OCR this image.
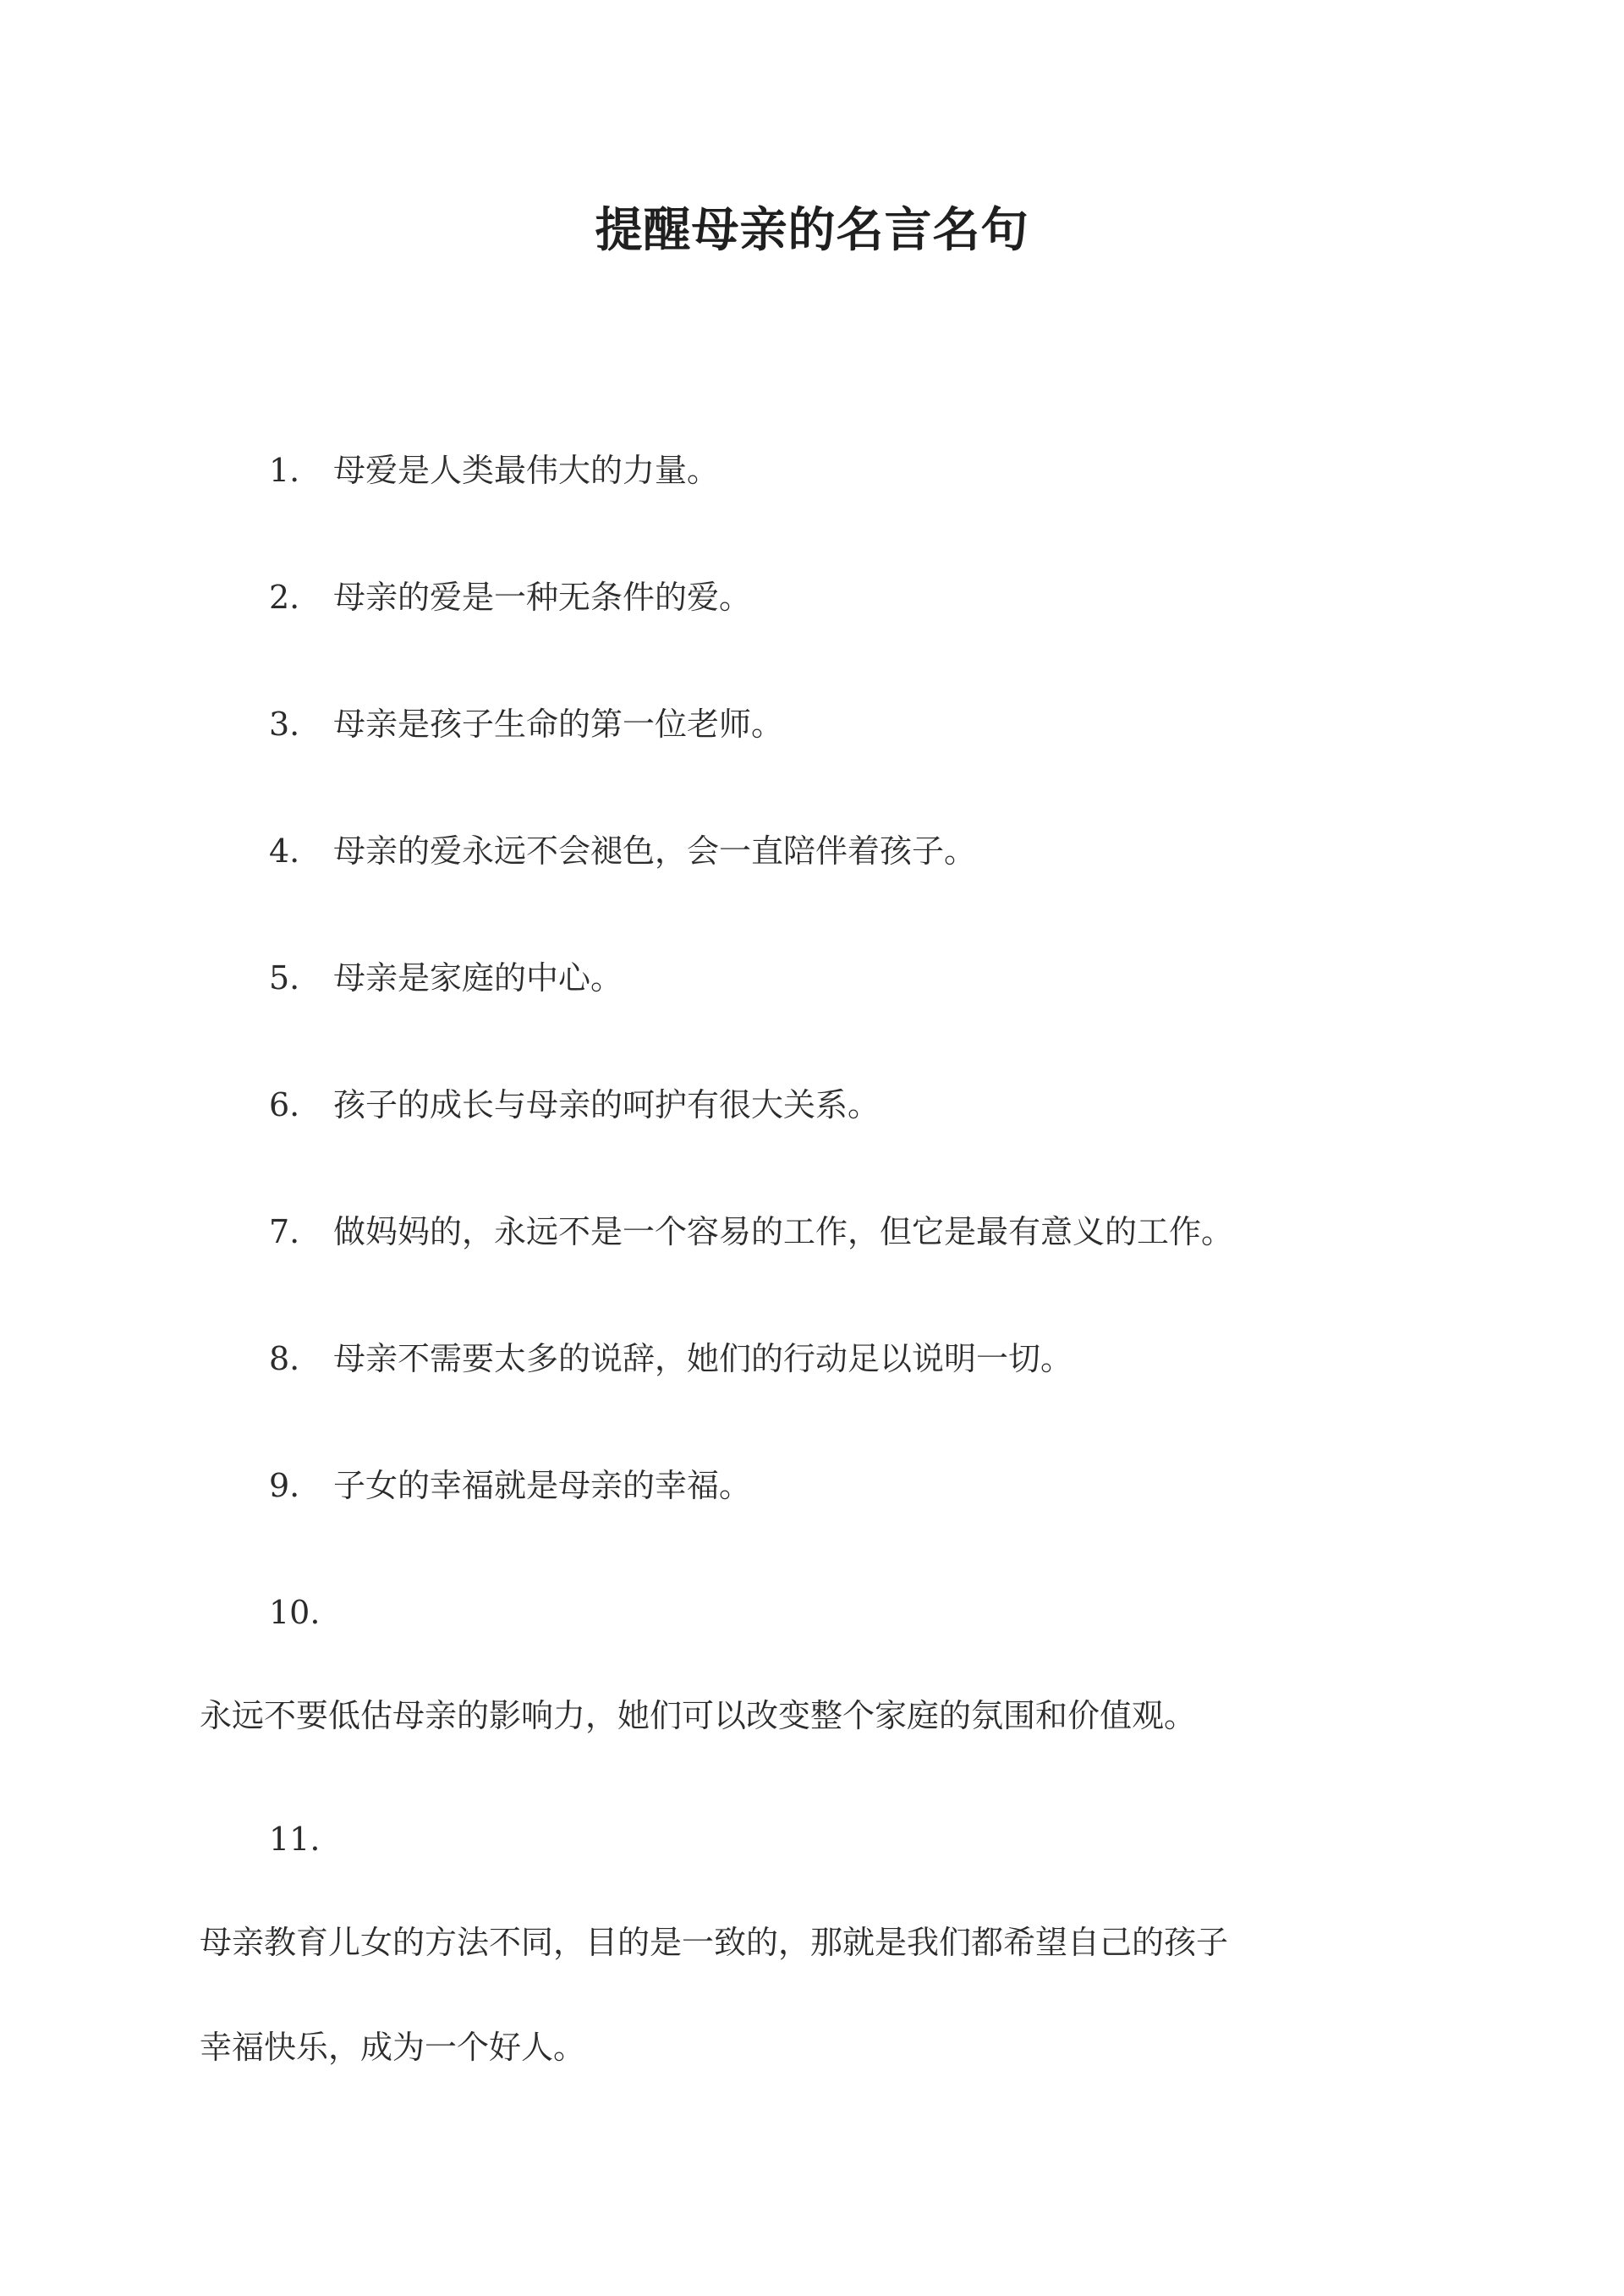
提醒母亲的名言名句
1. 母爱是人类最伟大的力量。
2. 母亲的爱是一种无条件的爱。
3. 母亲是孩子生命的第一位老师。
4. 母亲的爱永远不会褪色，会一直陪伴着孩子。
5. 母亲是家庭的中心。
6. 孩子的成长与母亲的呵护有很大关系。
7. 做妈妈的，永远不是一个容易的工作，但它是最有意义的工作。
8. 母亲不需要太多的说辞，她们的行动足以说明一切。
9. 子女的幸福就是母亲的幸福。
10.
永远不要低估母亲的影响力，她们可以改变整个家庭的氛围和价值观。
11.
母亲教育儿女的方法不同，目的是一致的，那就是我们都希望自己的孩子
幸福快乐，成为一个好人。
